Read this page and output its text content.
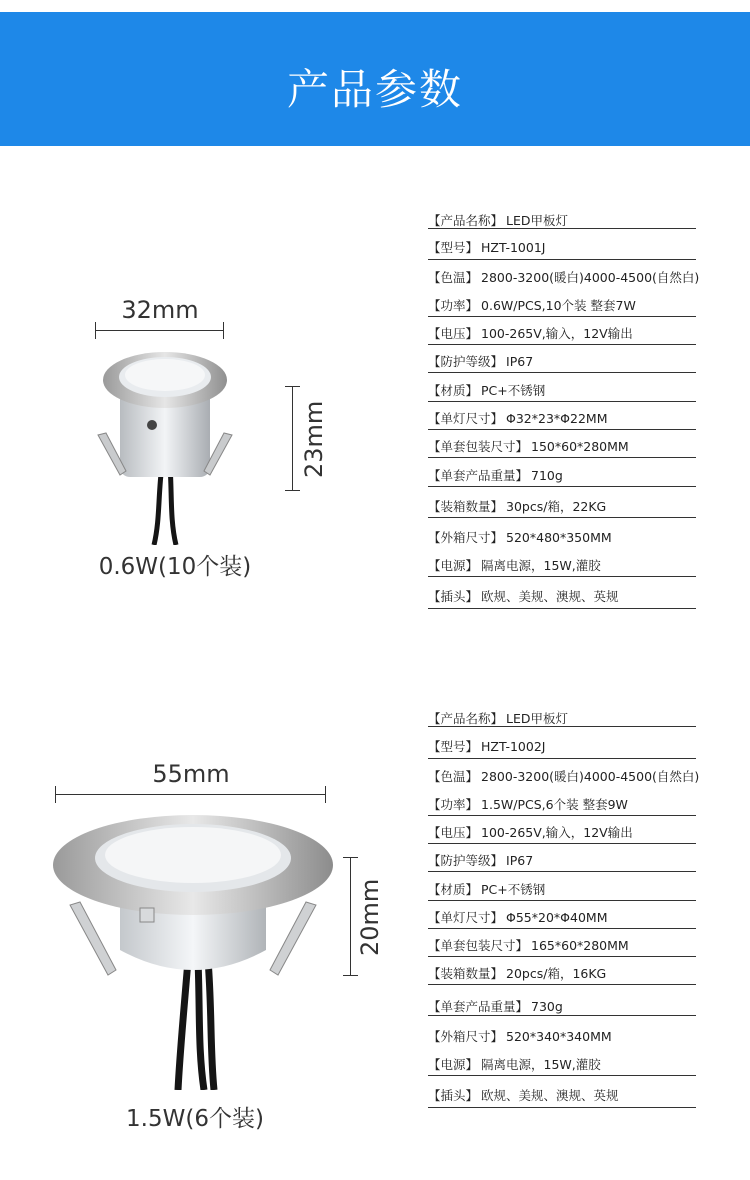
产品参数
32mm
23mm
0.6W(10个装)
【产品名称】 LED甲板灯
【型号】 HZT-1001J
【色温】 2800-3200(暖白)4000-4500(自然白)
【功率】 0.6W/PCS,10个装 整套7W
【电压】 100-265V,输入，12V输出
【防护等级】 IP67
【材质】 PC+不锈钢
【单灯尺寸】 Φ32*23*Φ22MM
【单套包装尺寸】 150*60*280MM
【单套产品重量】 710g
【装箱数量】 30pcs/箱，22KG
【外箱尺寸】 520*480*350MM
【电源】 隔离电源，15W,灌胶
【插头】 欧规、美规、澳规、英规
55mm
20mm
1.5W(6个装)
【产品名称】 LED甲板灯
【型号】 HZT-1002J
【色温】 2800-3200(暖白)4000-4500(自然白)
【功率】 1.5W/PCS,6个装 整套9W
【电压】 100-265V,输入，12V输出
【防护等级】 IP67
【材质】 PC+不锈钢
【单灯尺寸】 Φ55*20*Φ40MM
【单套包装尺寸】 165*60*280MM
【装箱数量】 20pcs/箱，16KG
【单套产品重量】 730g
【外箱尺寸】 520*340*340MM
【电源】 隔离电源，15W,灌胶
【插头】 欧规、美规、澳规、英规
